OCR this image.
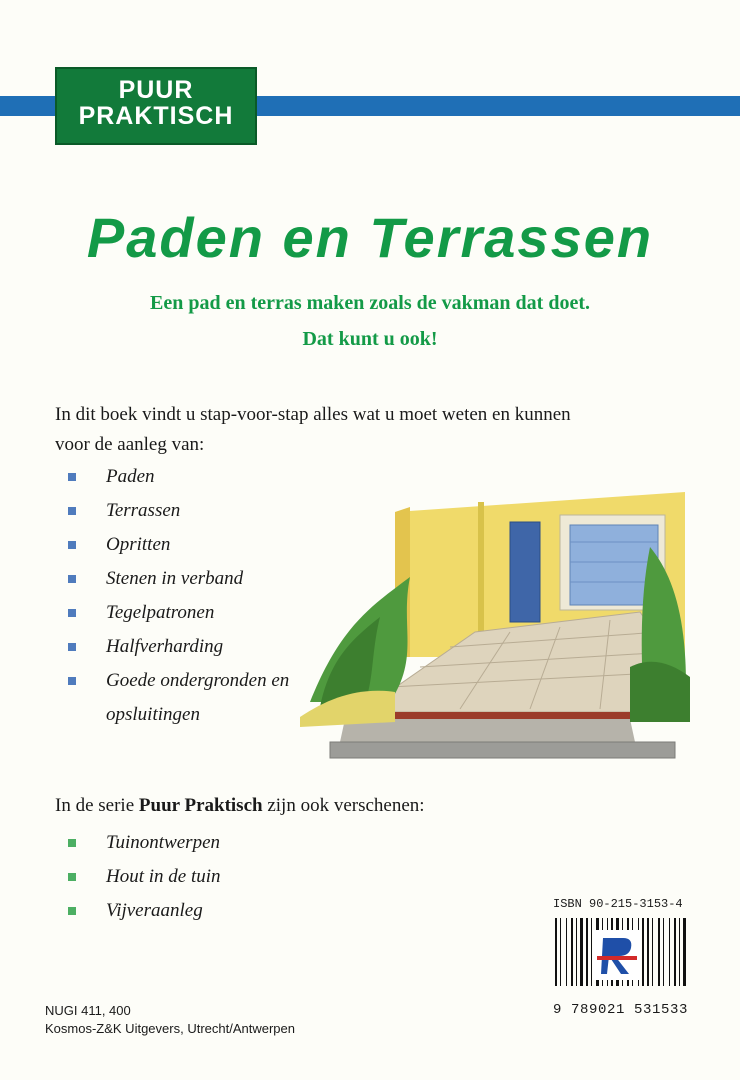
PUUR
PRAKTISCH
Paden en Terrassen
Een pad en terras maken zoals de vakman dat doet.
Dat kunt u ook!
In dit boek vindt u stap-voor-stap alles wat u moet weten en kunnen voor de aanleg van:
Paden
Terrassen
Opritten
Stenen in verband
Tegelpatronen
Halfverharding
Goede ondergronden en opsluitingen
In de serie Puur Praktisch zijn ook verschenen:
Tuinontwerpen
Hout in de tuin
Vijveraanleg
NUGI 411, 400
Kosmos-Z&K Uitgevers, Utrecht/Antwerpen
ISBN 90-215-3153-4
9 789021 531533
